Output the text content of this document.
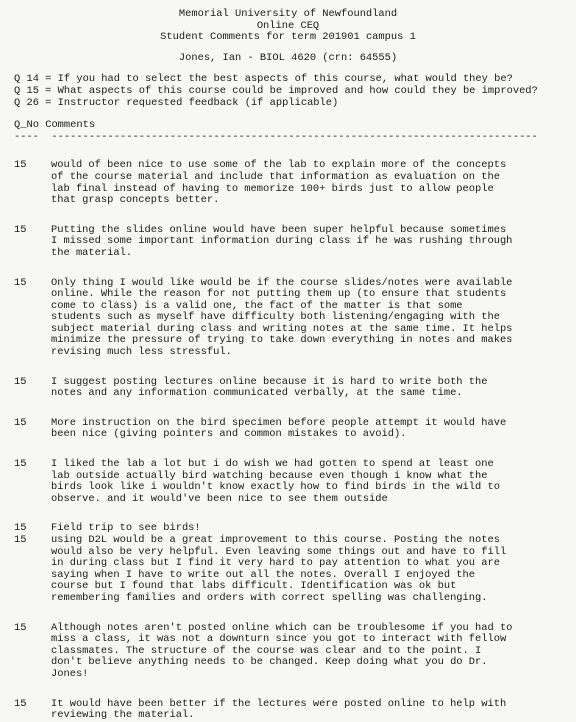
Memorial University of Newfoundland
Online CEQ
Student Comments for term 201901 campus 1
Jones, Ian - BIOL 4620 (crn: 64555)
Q 14 = If you had to select the best aspects of this course, what would they be?
Q 15 = What aspects of this course could be improved and how could they be improved?
Q 26 = Instructor requested feedback (if applicable)
Q_No Comments
----  ------------------------------------------------------------------------------
15	would of been nice to use some of the lab to explain more of the concepts
of the course material and include that information as evaluation on the
lab final instead of having to memorize 100+ birds just to allow people
that grasp concepts better.
15	Putting the slides online would have been super helpful because sometimes
I missed some important information during class if he was rushing through
the material.
15	Only thing I would like would be if the course slides/notes were available
online. While the reason for not putting them up (to ensure that students
come to class) is a valid one, the fact of the matter is that some
students such as myself have difficulty both listening/engaging with the
subject material during class and writing notes at the same time. It helps
minimize the pressure of trying to take down everything in notes and makes
revising much less stressful.
15	I suggest posting lectures online because it is hard to write both the
notes and any information communicated verbally, at the same time.
15	More instruction on the bird specimen before people attempt it would have
been nice (giving pointers and common mistakes to avoid).
15	I liked the lab a lot but i do wish we had gotten to spend at least one
lab outside actually bird watching because even though i know what the
birds look like i wouldn't know exactly how to find birds in the wild to
observe. and it would've been nice to see them outside
15	Field trip to see birds!
15	using D2L would be a great improvement to this course. Posting the notes
would also be very helpful. Even leaving some things out and have to fill
in during class but I find it very hard to pay attention to what you are
saying when I have to write out all the notes. Overall I enjoyed the
course but I found that labs difficult. Identification was ok but
remembering families and orders with correct spelling was challenging.
15	Although notes aren't posted online which can be troublesome if you had to
miss a class, it was not a downturn since you got to interact with fellow
classmates. The structure of the course was clear and to the point. I
don't believe anything needs to be changed. Keep doing what you do Dr.
Jones!
15	It would have been better if the lectures were posted online to help with
reviewing the material.
